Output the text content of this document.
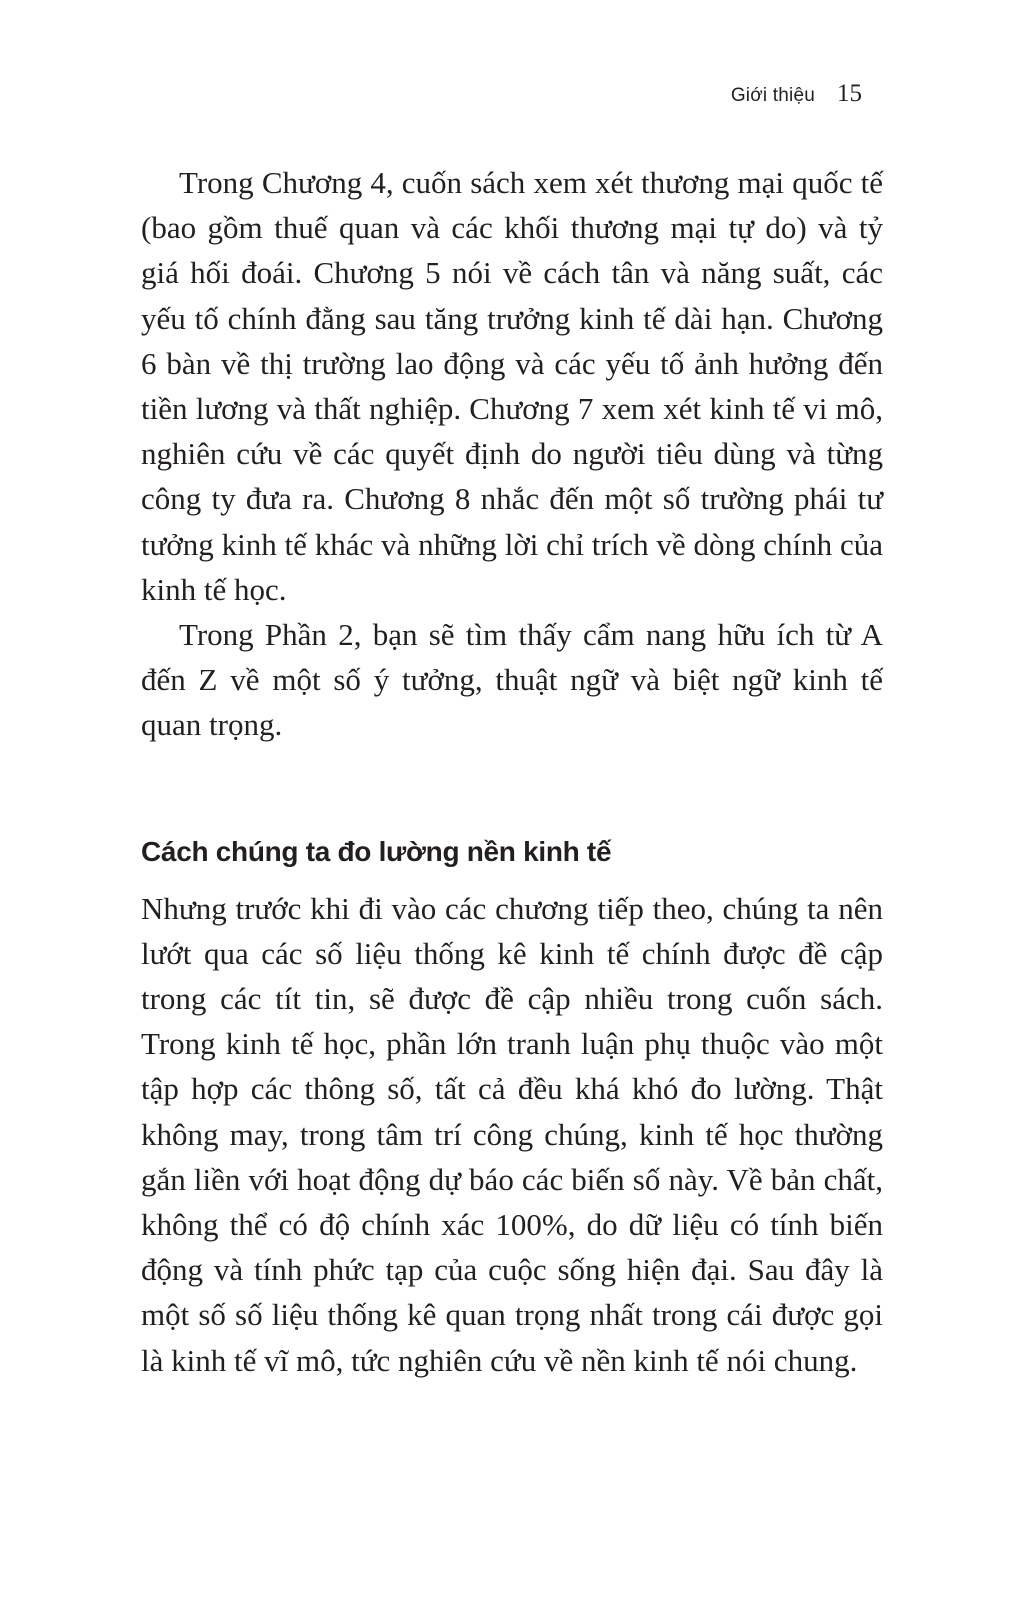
Giới thiệu 15

Trong Chương 4, cuốn sách xem xét thương mại quốc tế (bao gồm thuế quan và các khối thương mại tự do) và tỷ giá hối đoái. Chương 5 nói về cách tân và năng suất, các yếu tố chính đằng sau tăng trưởng kinh tế dài hạn. Chương 6 bàn về thị trường lao động và các yếu tố ảnh hưởng đến tiền lương và thất nghiệp. Chương 7 xem xét kinh tế vi mô, nghiên cứu về các quyết định do người tiêu dùng và từng công ty đưa ra. Chương 8 nhắc đến một số trường phái tư tưởng kinh tế khác và những lời chỉ trích về dòng chính của kinh tế học.

Trong Phần 2, bạn sẽ tìm thấy cẩm nang hữu ích từ A đến Z về một số ý tưởng, thuật ngữ và biệt ngữ kinh tế quan trọng.

Cách chúng ta đo lường nền kinh tế

Nhưng trước khi đi vào các chương tiếp theo, chúng ta nên lướt qua các số liệu thống kê kinh tế chính được đề cập trong các tít tin, sẽ được đề cập nhiều trong cuốn sách. Trong kinh tế học, phần lớn tranh luận phụ thuộc vào một tập hợp các thông số, tất cả đều khá khó đo lường. Thật không may, trong tâm trí công chúng, kinh tế học thường gắn liền với hoạt động dự báo các biến số này. Về bản chất, không thể có độ chính xác 100%, do dữ liệu có tính biến động và tính phức tạp của cuộc sống hiện đại. Sau đây là một số số liệu thống kê quan trọng nhất trong cái được gọi là kinh tế vĩ mô, tức nghiên cứu về nền kinh tế nói chung.
